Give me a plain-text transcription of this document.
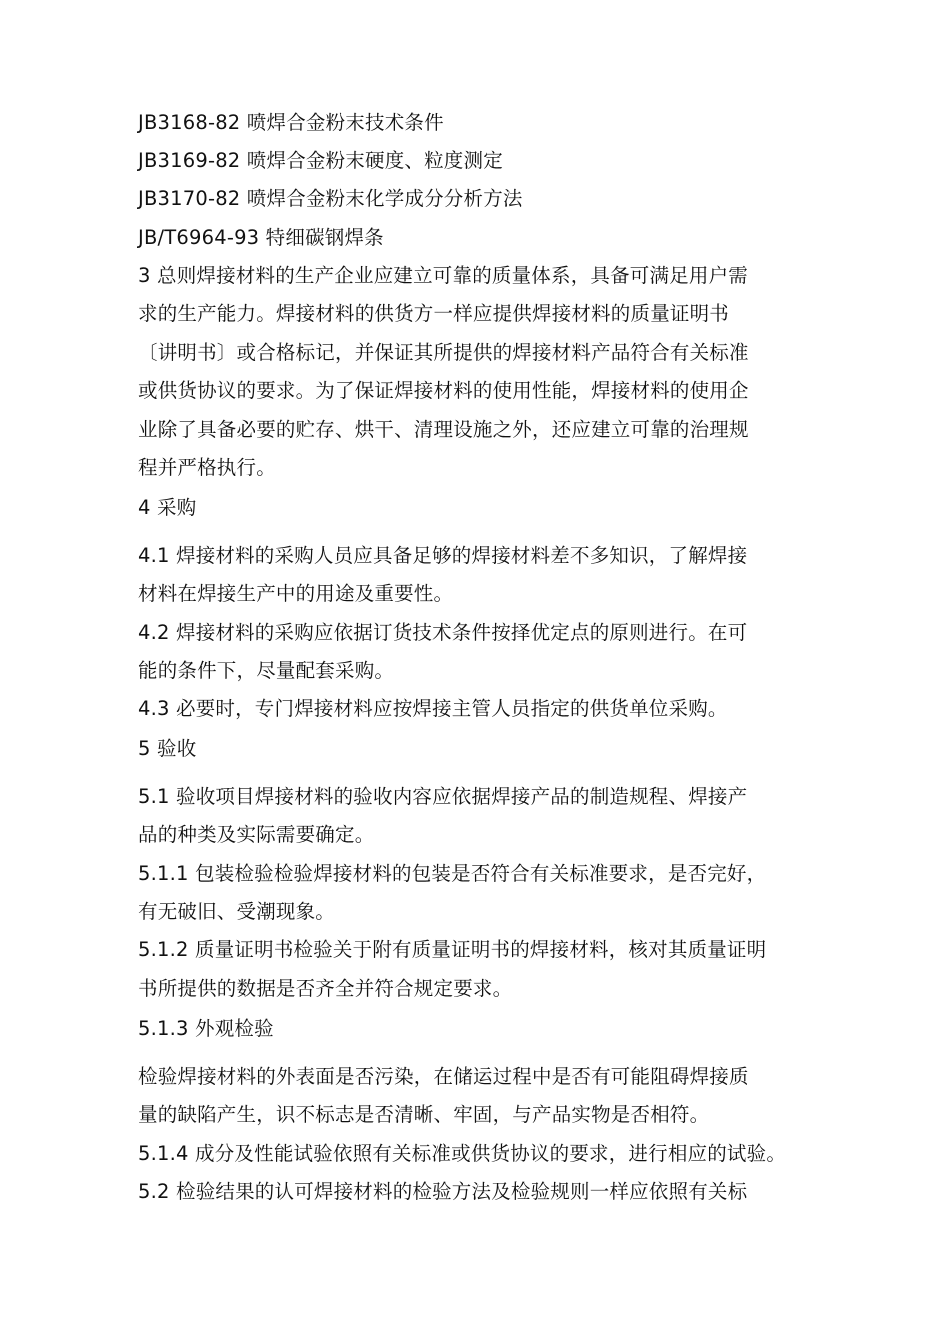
JB3168-82 喷焊合金粉末技术条件
JB3169-82 喷焊合金粉末硬度、粒度测定
JB3170-82 喷焊合金粉末化学成分分析方法
JB/T6964-93 特细碳钢焊条
3 总则焊接材料的生产企业应建立可靠的质量体系，具备可满足用户需
求的生产能力。焊接材料的供货方一样应提供焊接材料的质量证明书
〔讲明书〕或合格标记，并保证其所提供的焊接材料产品符合有关标准
或供货协议的要求。为了保证焊接材料的使用性能，焊接材料的使用企
业除了具备必要的贮存、烘干、清理设施之外，还应建立可靠的治理规
程并严格执行。
4 采购
4.1 焊接材料的采购人员应具备足够的焊接材料差不多知识，了解焊接
材料在焊接生产中的用途及重要性。
4.2 焊接材料的采购应依据订货技术条件按择优定点的原则进行。在可
能的条件下，尽量配套采购。
4.3 必要时，专门焊接材料应按焊接主管人员指定的供货单位采购。
5 验收
5.1 验收项目焊接材料的验收内容应依据焊接产品的制造规程、焊接产
品的种类及实际需要确定。
5.1.1 包装检验检验焊接材料的包装是否符合有关标准要求，是否完好，
有无破旧、受潮现象。
5.1.2 质量证明书检验关于附有质量证明书的焊接材料，核对其质量证明
书所提供的数据是否齐全并符合规定要求。
5.1.3 外观检验
检验焊接材料的外表面是否污染，在储运过程中是否有可能阻碍焊接质
量的缺陷产生，识不标志是否清晰、牢固，与产品实物是否相符。
5.1.4 成分及性能试验依照有关标准或供货协议的要求，进行相应的试验。
5.2 检验结果的认可焊接材料的检验方法及检验规则一样应依照有关标
